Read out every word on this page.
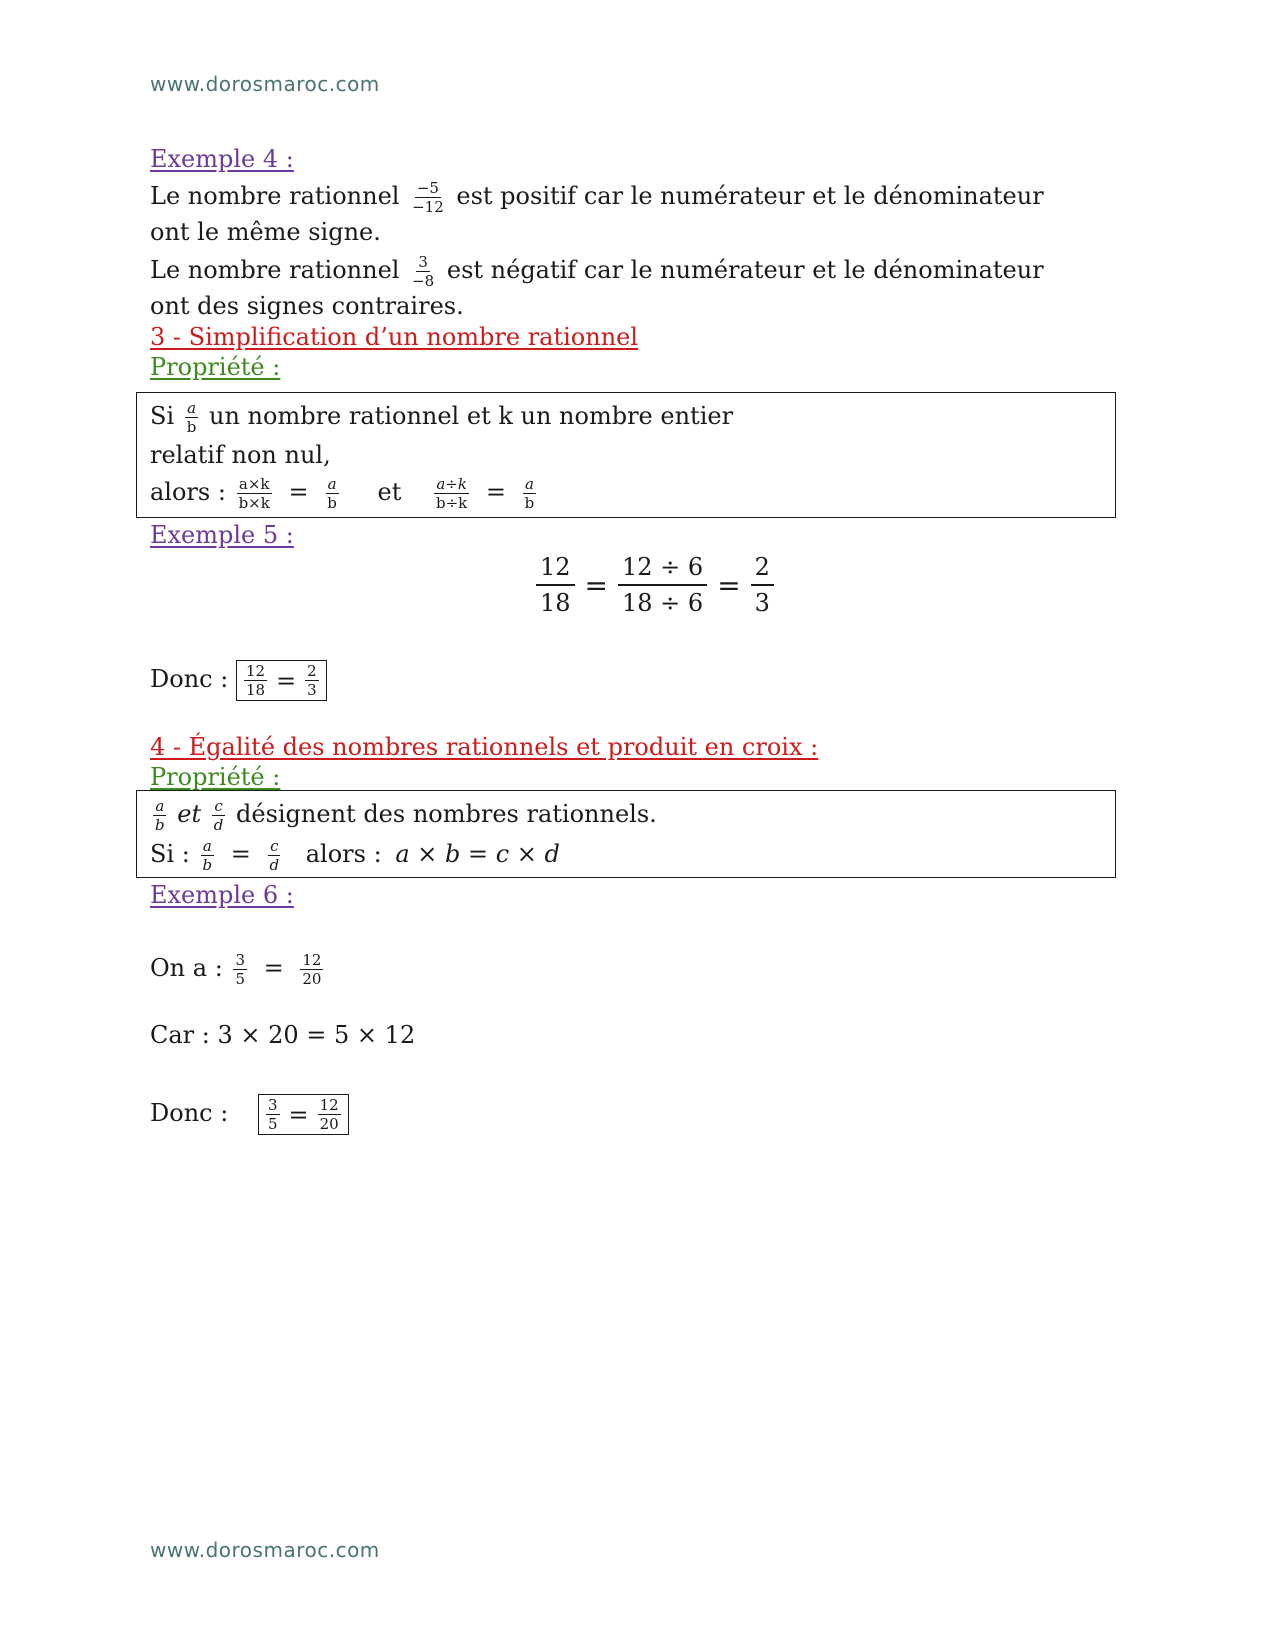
www.dorosmaroc.com
Exemple 4 :
Le nombre rationnel $\frac{-5}{-12}$ est positif car le numérateur et le dénominateur
ont le même signe.
Le nombre rationnel $\frac{3}{-8}$ est négatif car le numérateur et le dénominateur
ont des signes contraires.
3 - Simplification d’un nombre rationnel
Propriété :
Si $\frac{a}{b}$ un nombre rationnel et k un nombre entier
relatif non nul,
alors : $\frac{a\times k}{b\times k} = \frac{a}{b}$ et $\frac{a\div k}{b\div k} = \frac{a}{b}$
Exemple 5 :
$\frac{12}{18} = \frac{12 \div 6}{18 \div 6} = \frac{2}{3}$
Donc : $\frac{12}{18} = \frac{2}{3}$
4 - Égalité des nombres rationnels et produit en croix :
Propriété :
$\frac{a}{b}$ et $\frac{c}{d}$ désignent des nombres rationnels.
Si : $\frac{a}{b} = \frac{c}{d}$ alors : a × b = c × d
Exemple 6 :
On a : $\frac{3}{5} = \frac{12}{20}$
Car : 3 × 20 = 5 × 12
Donc :	$\frac{3}{5} = \frac{12}{20}$
www.dorosmaroc.com
